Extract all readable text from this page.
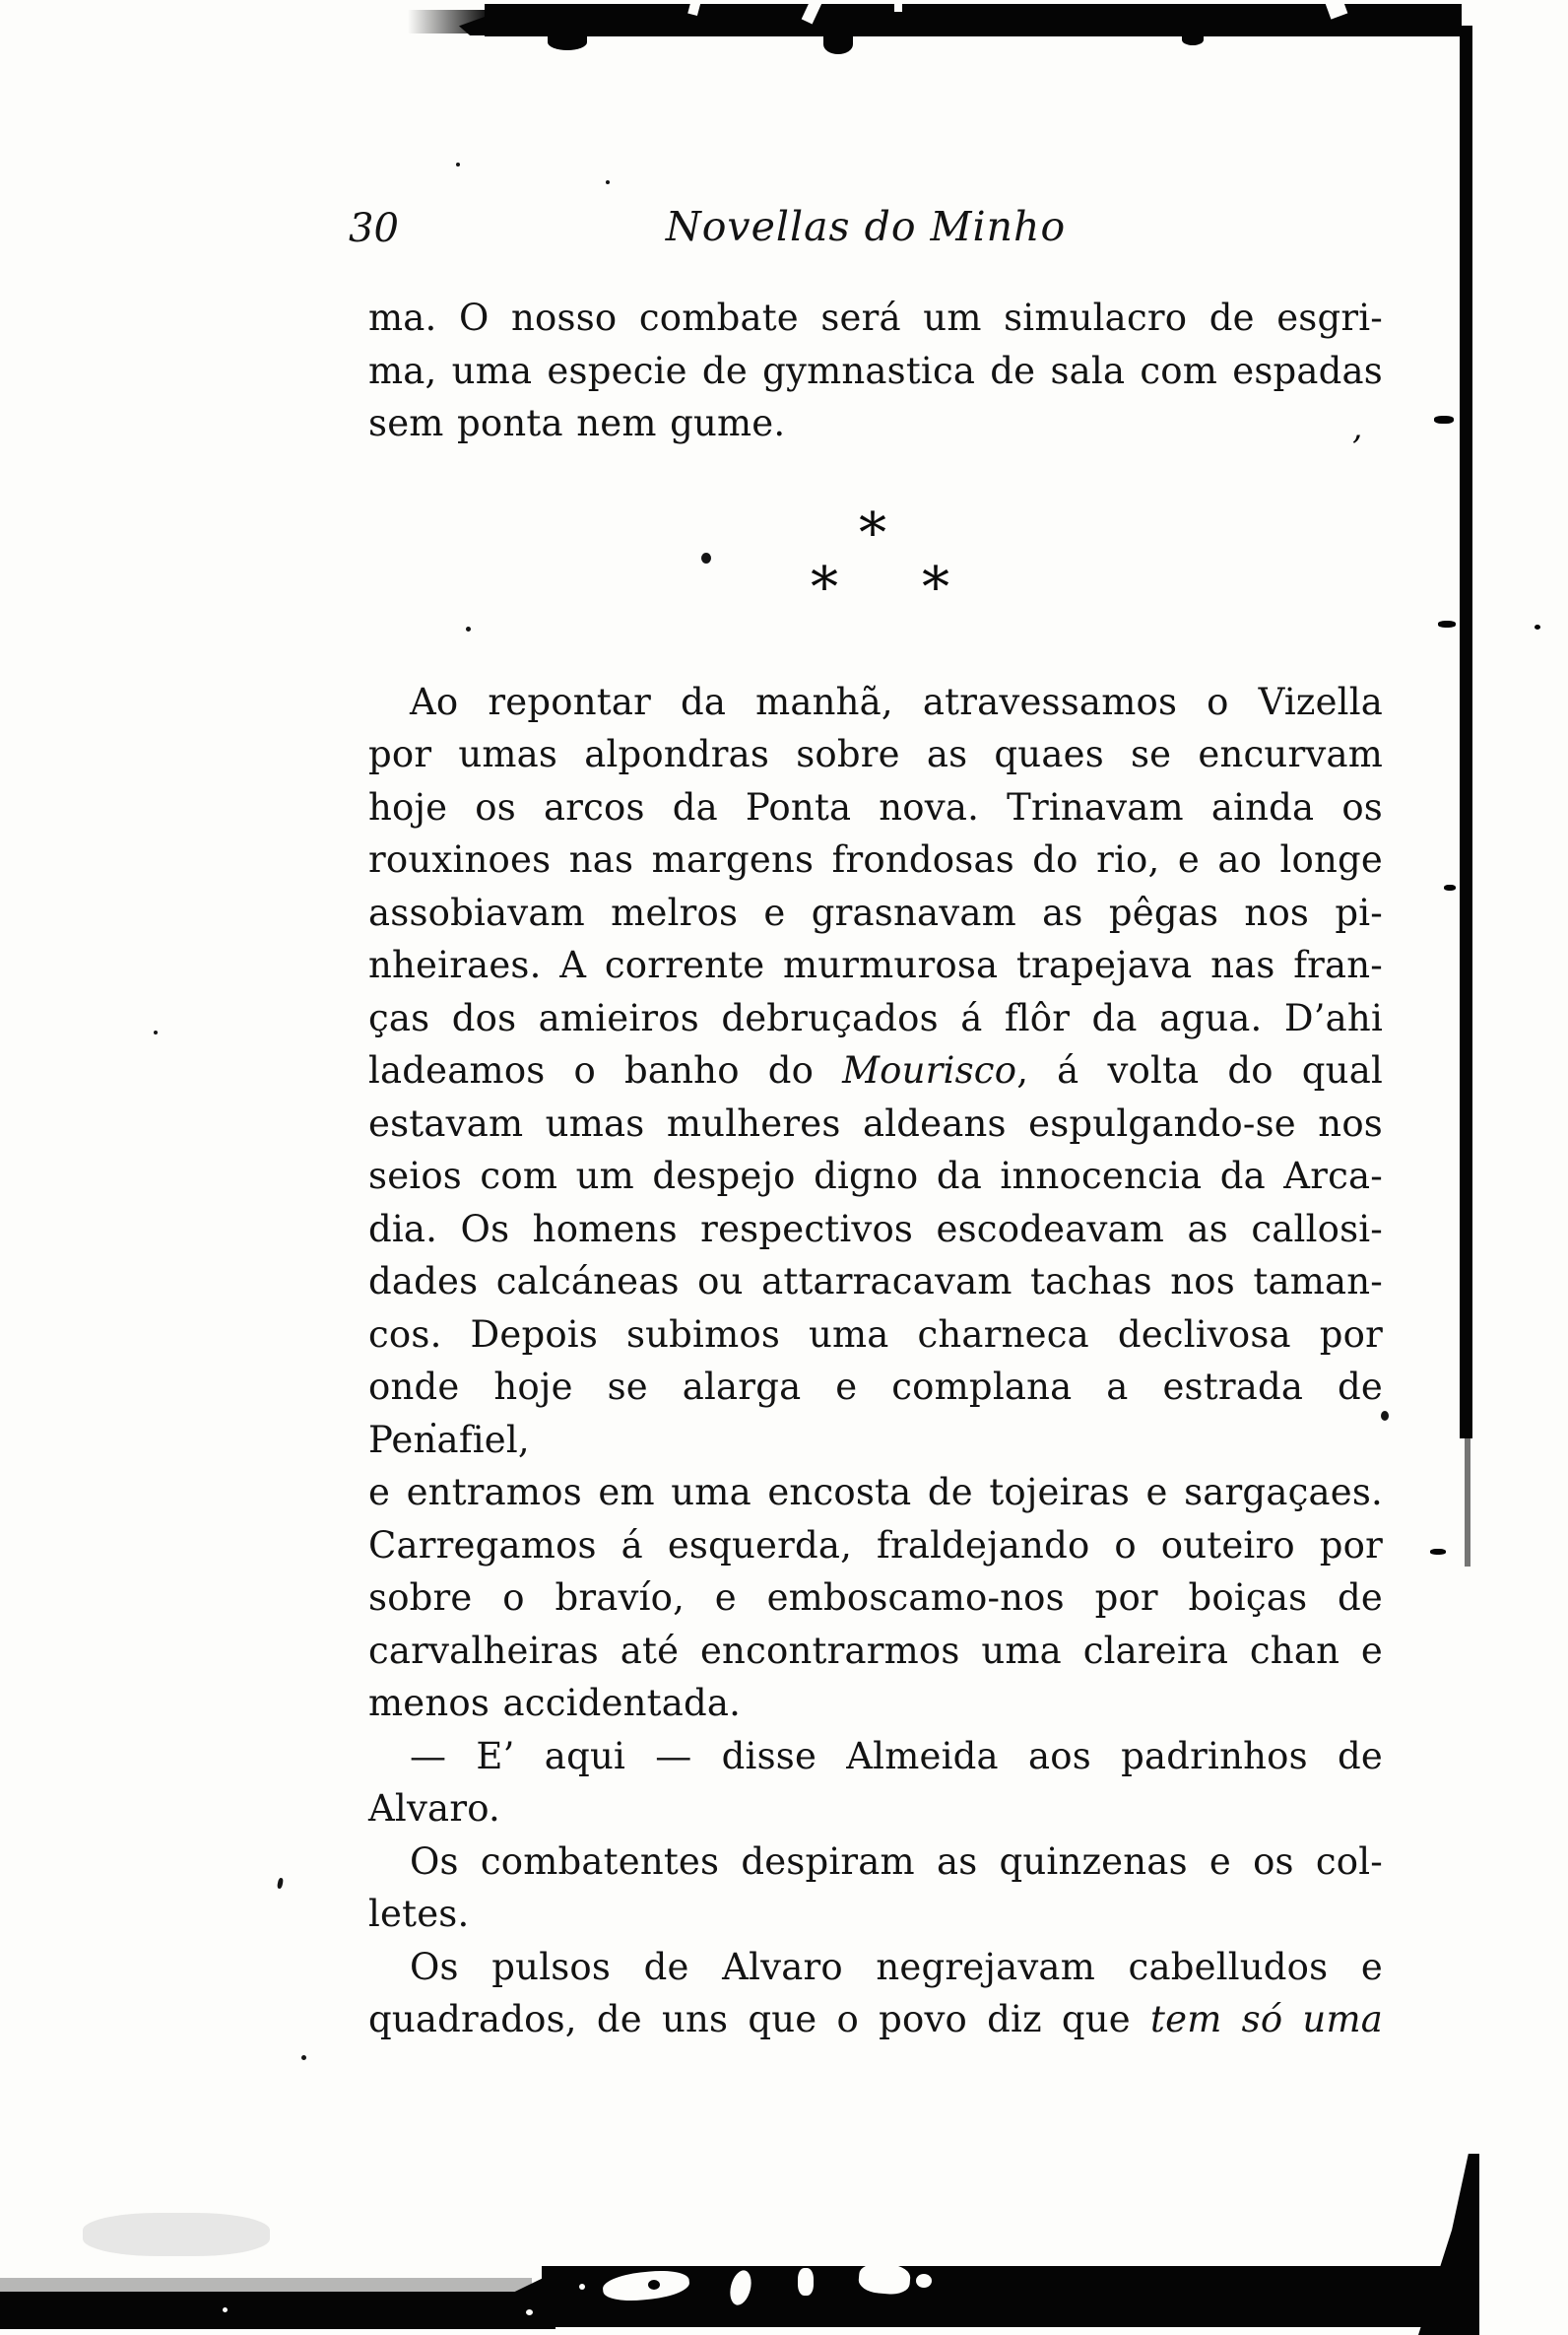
’
30	Novellas do Minho
*
* *
ma. O nosso combate será um simulacro de esgri-
ma, uma especie de gymnastica de sala com espadas
sem ponta nem gume.
Ao repontar da manhã, atravessamos o Vizella
por umas alpondras sobre as quaes se encurvam
hoje os arcos da Ponta nova. Trinavam ainda os
rouxinoes nas margens frondosas do rio, e ao longe
assobiavam melros e grasnavam as pêgas nos pi-
nheiraes. A corrente murmurosa trapejava nas fran-
ças dos amieiros debruçados á flôr da agua. D’ahi
ladeamos o banho do Mourisco, á volta do qual
estavam umas mulheres aldeans espulgando-se nos
seios com um despejo digno da innocencia da Arca-
dia. Os homens respectivos escodeavam as callosi-
dades calcáneas ou attarracavam tachas nos taman-
cos. Depois subimos uma charneca declivosa por
onde hoje se alarga e complana a estrada de Penafiel,
e entramos em uma encosta de tojeiras e sargaçaes.
Carregamos á esquerda, fraldejando o outeiro por
sobre o bravío, e emboscamo-nos por boiças de
carvalheiras até encontrarmos uma clareira chan e
menos accidentada.
— E’ aqui — disse Almeida aos padrinhos de
Alvaro.
Os combatentes despiram as quinzenas e os col-
letes.
Os pulsos de Alvaro negrejavam cabelludos e
quadrados, de uns que o povo diz que tem só uma
